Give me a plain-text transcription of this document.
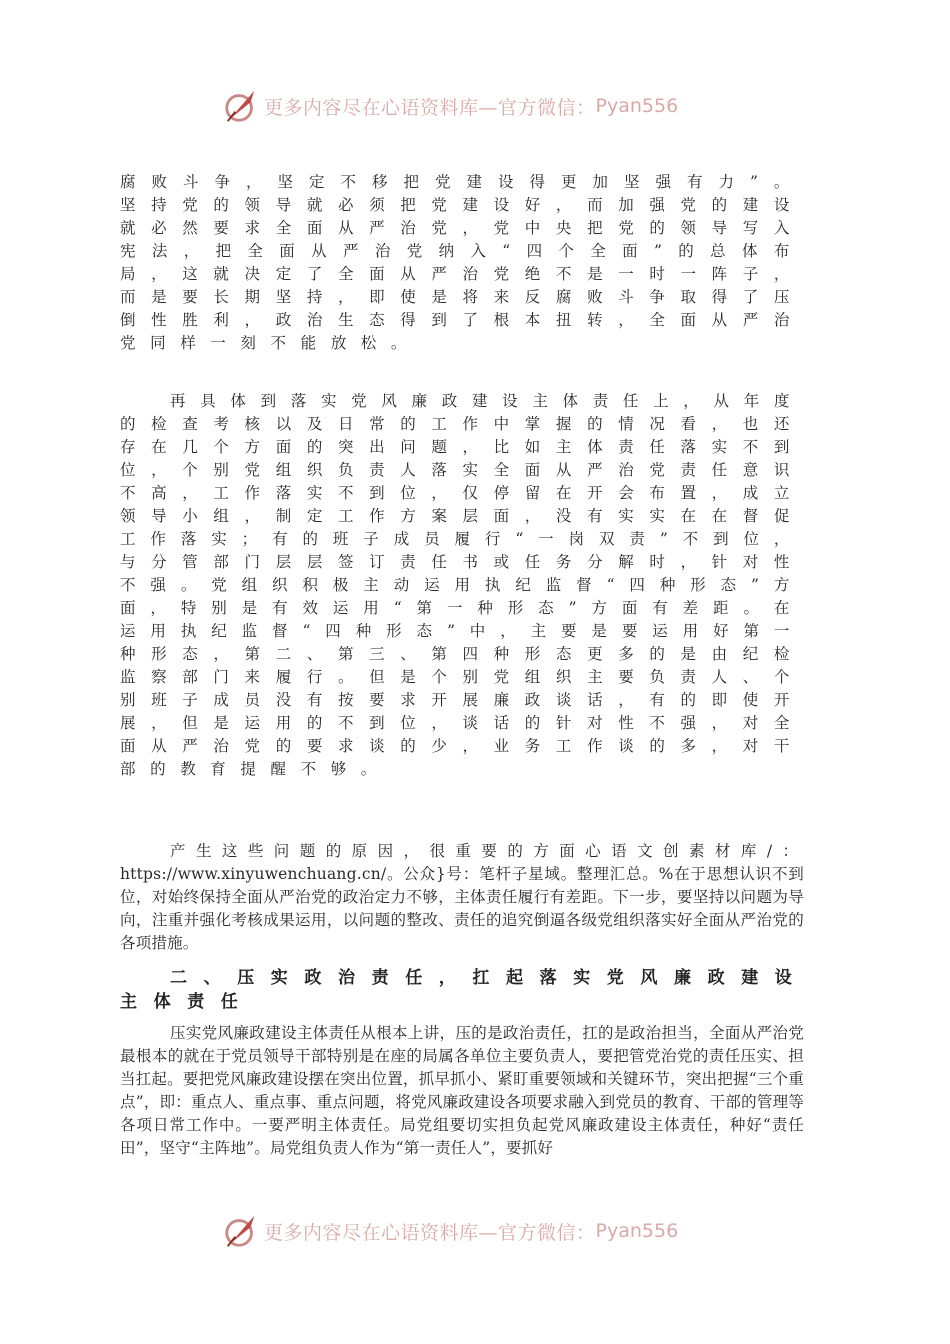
更多内容尽在心语资料库—官方微信： Pyan556
腐败斗争，坚定不移把党建设得更加坚强有力”。坚持党的领导就必须把党建设好，而加强党的建设就必然要求全面从严治党，党中央把党的领导写入宪法，把全面从严治党纳入“四个全面”的总体布局，这就决定了全面从严治党绝不是一时一阵子，而是要长期坚持，即使是将来反腐败斗争取得了压倒性胜利，政治生态得到了根本扭转，全面从严治党同样一刻不能放松。
再具体到落实党风廉政建设主体责任上，从年度的检查考核以及日常的工作中掌握的情况看，也还存在几个方面的突出问题，比如主体责任落实不到位，个别党组织负责人落实全面从严治党责任意识不高，工作落实不到位，仅停留在开会布置，成立领导小组，制定工作方案层面，没有实实在在督促工作落实；有的班子成员履行“一岗双责”不到位，与分管部门层层签订责任书或任务分解时，针对性不强。党组织积极主动运用执纪监督“四种形态”方面，特别是有效运用“第一种形态”方面有差距。在运用执纪监督“四种形态”中，主要是要运用好第一种形态，第二、第三、第四种形态更多的是由纪检监察部门来履行。但是个别党组织主要负责人、个别班子成员没有按要求开展廉政谈话，有的即使开展，但是运用的不到位，谈话的针对性不强，对全面从严治党的要求谈的少，业务工作谈的多，对干部的教育提醒不够。
产生这些问题的原因，很重要的方面心语文创素材库/：https://www.xinyuwenchuang.cn/。公众}号：笔杆子星域。整理汇总。%在于思想认识不到位，对始终保持全面从严治党的政治定力不够，主体责任履行有差距。下一步，要坚持以问题为导向，注重并强化考核成果运用，以问题的整改、责任的追究倒逼各级党组织落实好全面从严治党的各项措施。
二、压实政治责任，扛起落实党风廉政建设主体责任
压实党风廉政建设主体责任从根本上讲，压的是政治责任，扛的是政治担当，全面从严治党最根本的就在于党员领导干部特别是在座的局属各单位主要负责人，要把管党治党的责任压实、担当扛起。要把党风廉政建设摆在突出位置，抓早抓小、紧盯重要领域和关键环节，突出把握“三个重点”，即：重点人、重点事、重点问题，将党风廉政建设各项要求融入到党员的教育、干部的管理等各项日常工作中。一要严明主体责任。局党组要切实担负起党风廉政建设主体责任，种好“责任田”，坚守“主阵地”。局党组负责人作为“第一责任人”，要抓好
更多内容尽在心语资料库—官方微信： Pyan556
